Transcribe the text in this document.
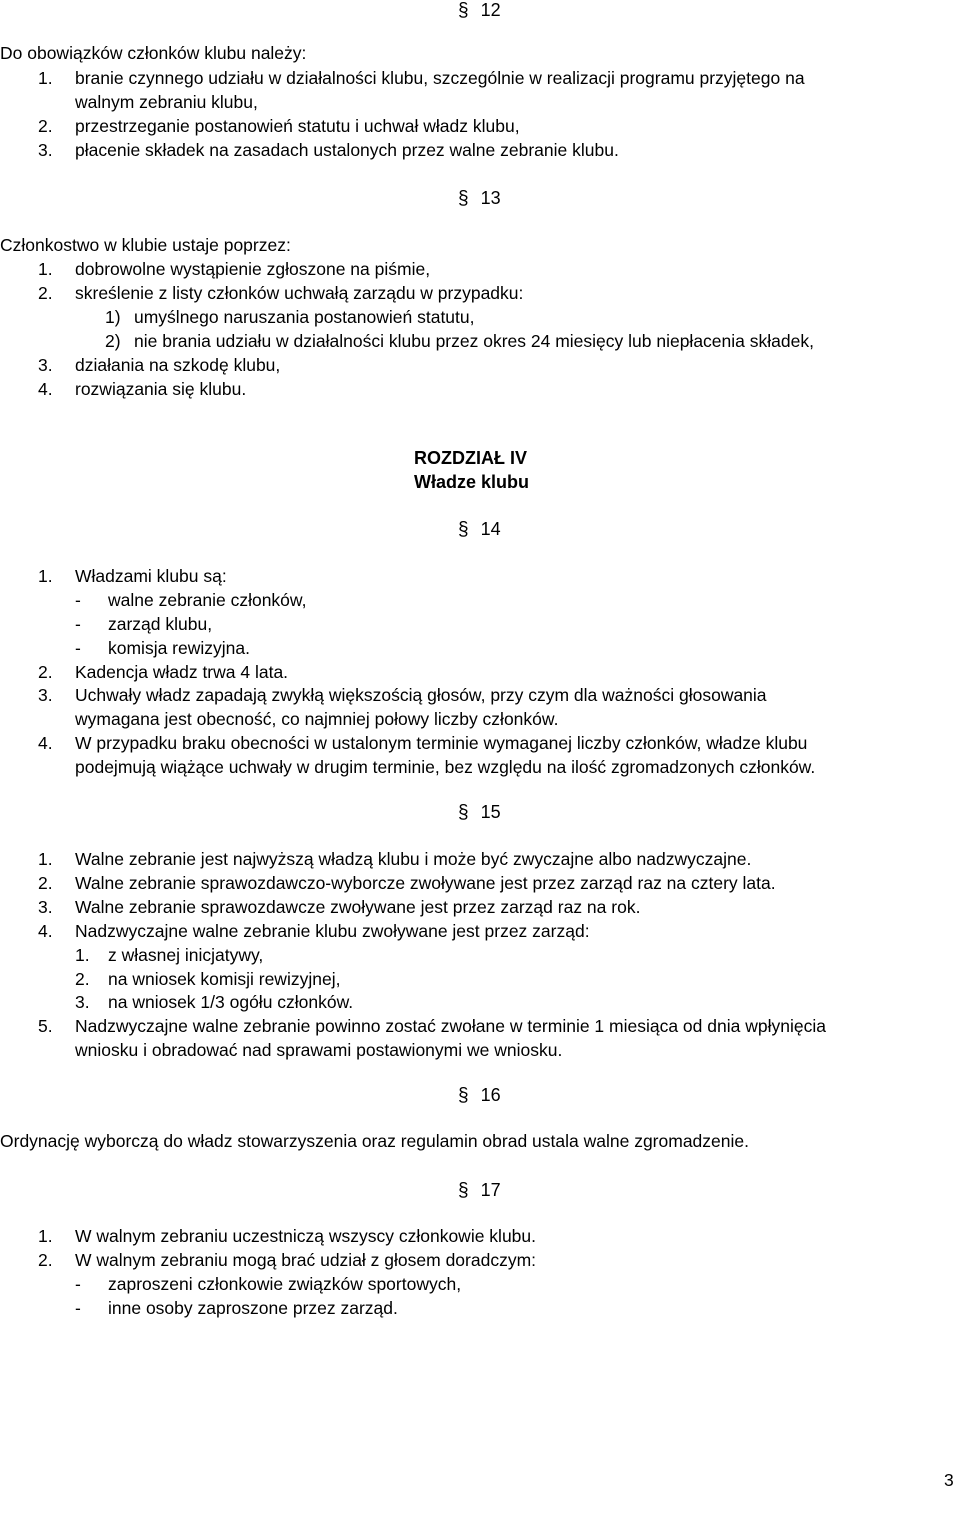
§ 12
Do obowiązków członków klubu należy:
1. branie czynnego udziału w działalności klubu, szczególnie w realizacji programu przyjętego na
walnym zebraniu klubu,
2. przestrzeganie postanowień statutu i uchwał władz klubu,
3. płacenie składek na zasadach ustalonych przez walne zebranie klubu.
§ 13
Członkostwo w klubie ustaje poprzez:
1. dobrowolne wystąpienie zgłoszone na piśmie,
2. skreślenie z listy członków uchwałą zarządu w przypadku:
1) umyślnego naruszania postanowień statutu,
2) nie brania udziału w działalności klubu przez okres 24 miesięcy lub niepłacenia składek,
3. działania na szkodę klubu,
4. rozwiązania się klubu.
ROZDZIAŁ IV
Władze klubu
§ 14
1. Władzami klubu są:
- walne zebranie członków,
- zarząd klubu,
- komisja rewizyjna.
2. Kadencja władz trwa 4 lata.
3. Uchwały władz zapadają zwykłą większością głosów, przy czym dla ważności głosowania
wymagana jest obecność, co najmniej połowy liczby członków.
4. W przypadku braku obecności w ustalonym terminie wymaganej liczby członków, władze klubu
podejmują wiążące uchwały w drugim terminie, bez względu na ilość zgromadzonych członków.
§ 15
1. Walne zebranie jest najwyższą władzą klubu i może być zwyczajne albo nadzwyczajne.
2. Walne zebranie sprawozdawczo-wyborcze zwoływane jest przez zarząd raz na cztery lata.
3. Walne zebranie sprawozdawcze zwoływane jest przez zarząd raz na rok.
4. Nadzwyczajne walne zebranie klubu zwoływane jest przez zarząd:
1. z własnej inicjatywy,
2. na wniosek komisji rewizyjnej,
3. na wniosek 1/3 ogółu członków.
5. Nadzwyczajne walne zebranie powinno zostać zwołane w terminie 1 miesiąca od dnia wpłynięcia
wniosku i obradować nad sprawami postawionymi we wniosku.
§ 16
Ordynację wyborczą do władz stowarzyszenia oraz regulamin obrad ustala walne zgromadzenie.
§ 17
1. W walnym zebraniu uczestniczą wszyscy członkowie klubu.
2. W walnym zebraniu mogą brać udział z głosem doradczym:
- zaproszeni członkowie związków sportowych,
- inne osoby zaproszone przez zarząd.
3
